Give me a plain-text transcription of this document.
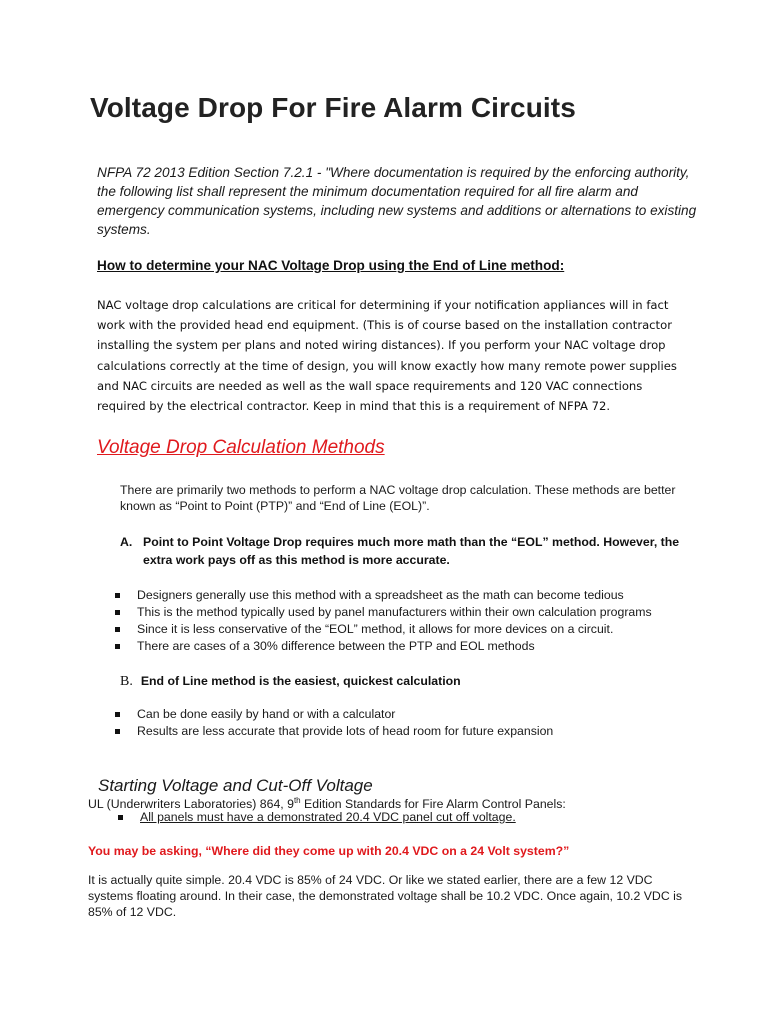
Voltage Drop For Fire Alarm Circuits

NFPA 72 2013 Edition Section 7.2.1 - "Where documentation is required by the enforcing authority, the following list shall represent the minimum documentation required for all fire alarm and emergency communication systems, including new systems and additions or alternations to existing systems.

How to determine your NAC Voltage Drop using the End of Line method:

NAC voltage drop calculations are critical for determining if your notification appliances will in fact work with the provided head end equipment. (This is of course based on the installation contractor installing the system per plans and noted wiring distances). If you perform your NAC voltage drop calculations correctly at the time of design, you will know exactly how many remote power supplies and NAC circuits are needed as well as the wall space requirements and 120 VAC connections required by the electrical contractor. Keep in mind that this is a requirement of NFPA 72.

Voltage Drop Calculation Methods

There are primarily two methods to perform a NAC voltage drop calculation. These methods are better known as “Point to Point (PTP)” and “End of Line (EOL)”.

A. Point to Point Voltage Drop requires much more math than the “EOL” method. However, the extra work pays off as this method is more accurate.
Designers generally use this method with a spreadsheet as the math can become tedious
This is the method typically used by panel manufacturers within their own calculation programs
Since it is less conservative of the “EOL” method, it allows for more devices on a circuit.
There are cases of a 30% difference between the PTP and EOL methods
B. End of Line method is the easiest, quickest calculation
Can be done easily by hand or with a calculator
Results are less accurate that provide lots of head room for future expansion
Starting Voltage and Cut-Off Voltage

UL (Underwriters Laboratories) 864, 9th Edition Standards for Fire Alarm Control Panels:

All panels must have a demonstrated 20.4 VDC panel cut off voltage.

You may be asking, “Where did they come up with 20.4 VDC on a 24 Volt system?”

It is actually quite simple. 20.4 VDC is 85% of 24 VDC. Or like we stated earlier, there are a few 12 VDC systems floating around. In their case, the demonstrated voltage shall be 10.2 VDC. Once again, 10.2 VDC is 85% of 12 VDC.
